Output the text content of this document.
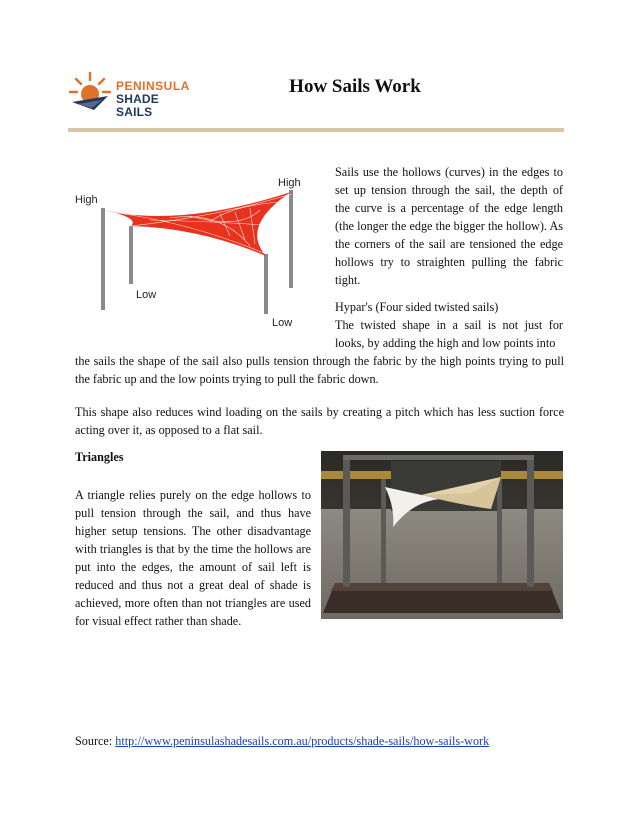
PENINSULA
SHADE SAILS
How Sails Work
High
High
Low
Low

Sails use the hollows (curves) in the edges to set up tension through the sail, the depth of the curve is a percentage of the edge length (the longer the edge the bigger the hollow). As the corners of the sail are tensioned the edge hollows try to straighten pulling the fabric tight.

Hypar's (Four sided twisted sails)

The twisted shape in a sail is not just for looks, by adding the high and low points into

the sails the shape of the sail also pulls tension through the fabric by the high points trying to pull the fabric up and the low points trying to pull the fabric down.

This shape also reduces wind loading on the sails by creating a pitch which has less suction force acting over it, as opposed to a flat sail.

Triangles

A triangle relies purely on the edge hollows to pull tension through the sail, and thus have higher setup tensions. The other disadvantage with triangles is that by the time the hollows are put into the edges, the amount of sail left is reduced and thus not a great deal of shade is achieved, more often than not triangles are used for visual effect rather than shade.

Source: http://www.peninsulashadesails.com.au/products/shade-sails/how-sails-work
